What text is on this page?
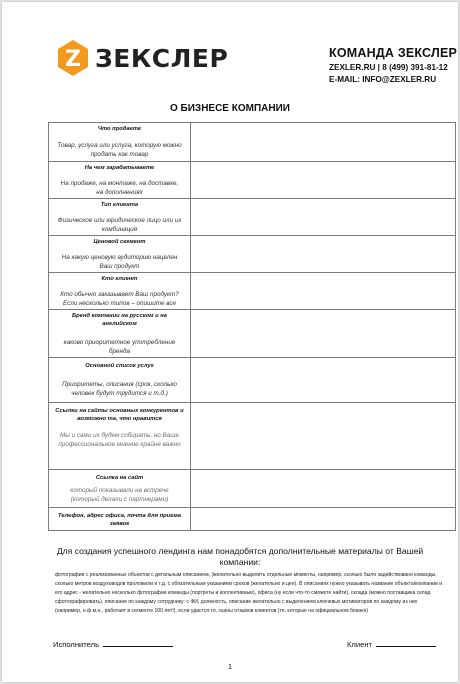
Z ЗЕКСЛЕР	КОМАНДА ЗЕКСЛЕР
ZEXLER.RU | 8 (499) 391-81-12
E-MAIL: INFO@ZEXLER.RU
О БИЗНЕСЕ КОМПАНИИ
Что продаете
Товар, услуга или услуга, которую можно продать как товар	

На чем зарабатываете
На продаже, на монтаже, на доставке, на дополнениях	

Тип клиента
Физическое или юридическое лицо или их комбинация	

Ценовой сегмент
На какую ценовую аудиторию нацелен Ваш продукт	

Кто клиент
Кто обычно заказывает Ваш продукт? Если несколько типов – опишите все	

Бренд компании на русском и на английском
каково приоритетное употребление бренда	

Основной список услуг
Приоритеты, описания (срок, сколько человек будут трудится и т.д.)	

Ссылки на сайты основных конкурентов и возможно та, что нравится
Мы и сами их будем собирать, но Ваше профессиональное мнение крайне важно	

Ссылка на сайт
который показывали на встрече (который делали с партнерами)	

Телефон, адрес офиса, почта для приема заявок	

Для создания успешного лендинга нам понадобятся дополнительные материалы от Вашей компании:
фотографии с реализованных объектов с детальным описанием, (желательно выделить отдельные моменты, например, сколько было задействовано команды, сколько метров воздуховодов проложили и т.д. с обязательным указанием сроков (желательно и цен). В описаниях нужно указывать название объекта/компании и его адрес - желательно несколько фотографии команды (портреты и коллективные), офиса (ну если что-то сможете найти), склада (можно поставщика склад сфотографировать), описание по каждому сотруднику: с ФИ, должность, описание желательно с выделением ключевых мотиваторов по каждому из них (например, н.ф.м.н., работает в сегменте 100 лет!), если удастся то, сканы отзывов клиентов (те, которые на официальном бланке)
Исполнитель	Клиент
1
